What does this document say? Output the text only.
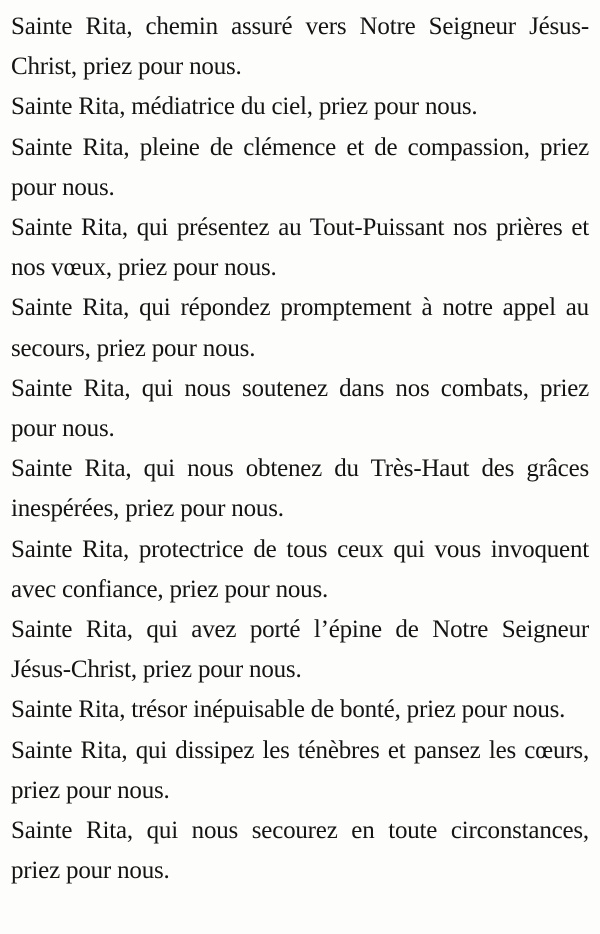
Sainte Rita, chemin assuré vers Notre Seigneur Jésus-Christ, priez pour nous.

Sainte Rita, médiatrice du ciel, priez pour nous.

Sainte Rita, pleine de clémence et de compassion, priez pour nous.

Sainte Rita, qui présentez au Tout-Puissant nos prières et nos vœux, priez pour nous.

Sainte Rita, qui répondez promptement à notre appel au secours, priez pour nous.

Sainte Rita, qui nous soutenez dans nos combats, priez pour nous.

Sainte Rita, qui nous obtenez du Très-Haut des grâces inespérées, priez pour nous.

Sainte Rita, protectrice de tous ceux qui vous invoquent avec confiance, priez pour nous.

Sainte Rita, qui avez porté l’épine de Notre Seigneur Jésus-Christ, priez pour nous.

Sainte Rita, trésor inépuisable de bonté, priez pour nous.

Sainte Rita, qui dissipez les ténèbres et pansez les cœurs, priez pour nous.

Sainte Rita, qui nous secourez en toute circonstances, priez pour nous.
